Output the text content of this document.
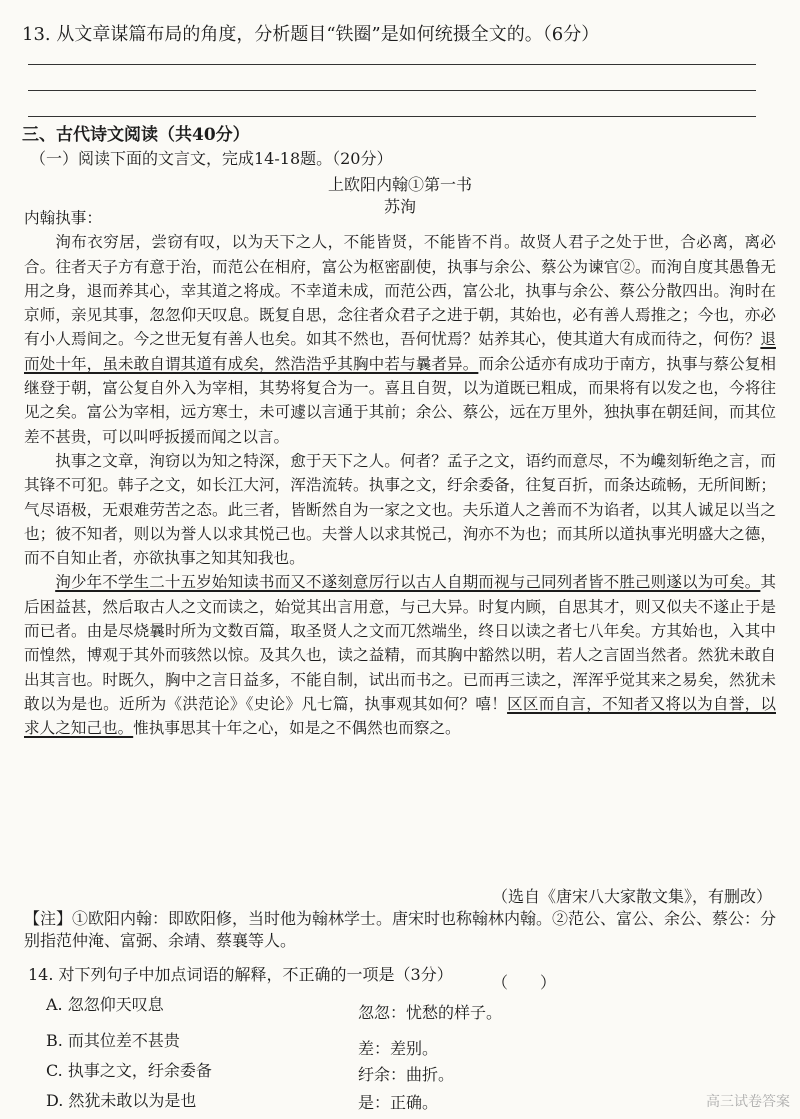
13. 从文章谋篇布局的角度，分析题目“铁圈”是如何统摄全文的。（6分）
三、古代诗文阅读（共40分）
（一）阅读下面的文言文，完成14-18题。（20分）
上欧阳内翰①第一书
苏洵

内翰执事：

洵布衣穷居，尝窃有叹，以为天下之人，不能皆贤，不能皆不肖。故贤人君子之处于世，合必离，离必合。往者天子方有意于治，而范公在相府，富公为枢密副使，执事与余公、蔡公为谏官②。而洵自度其愚鲁无用之身，退而养其心，幸其道之将成。不幸道未成，而范公西，富公北，执事与余公、蔡公分散四出。洵时在京师，亲见其事，忽忽仰天叹息。既复自思，念往者众君子之进于朝，其始也，必有善人焉推之；今也，亦必有小人焉间之。今之世无复有善人也矣。如其不然也，吾何忧焉？姑养其心，使其道大有成而待之，何伤？退而处十年，虽未敢自谓其道有成矣，然浩浩乎其胸中若与曩者异。而余公适亦有成功于南方，执事与蔡公复相继登于朝，富公复自外入为宰相，其势将复合为一。喜且自贺，以为道既已粗成，而果将有以发之也，今将往见之矣。富公为宰相，远方寒士，未可遽以言通于其前；余公、蔡公，远在万里外，独执事在朝廷间，而其位差不甚贵，可以叫呼扳援而闻之以言。

执事之文章，洵窃以为知之特深，愈于天下之人。何者？孟子之文，语约而意尽，不为巉刻斩绝之言，而其锋不可犯。韩子之文，如长江大河，浑浩流转。执事之文，纡余委备，往复百折，而条达疏畅，无所间断；气尽语极，无艰难劳苦之态。此三者，皆断然自为一家之文也。夫乐道人之善而不为谄者，以其人诚足以当之也；彼不知者，则以为誉人以求其悦己也。夫誉人以求其悦己，洵亦不为也；而其所以道执事光明盛大之德，而不自知止者，亦欲执事之知其知我也。

洵少年不学生二十五岁始知读书而又不遂刻意厉行以古人自期而视与己同列者皆不胜己则遂以为可矣。其后困益甚，然后取古人之文而读之，始觉其出言用意，与己大异。时复内顾，自思其才，则又似夫不遂止于是而已者。由是尽烧曩时所为文数百篇，取圣贤人之文而兀然端坐，终日以读之者七八年矣。方其始也，入其中而惶然，博观于其外而骇然以惊。及其久也，读之益精，而其胸中豁然以明，若人之言固当然者。然犹未敢自出其言也。时既久，胸中之言日益多，不能自制，试出而书之。已而再三读之，浑浑乎觉其来之易矣，然犹未敢以为是也。近所为《洪范论》《史论》凡七篇，执事观其如何？嘻！区区而自言，不知者又将以为自誉，以求人之知己也。惟执事思其十年之心，如是之不偶然也而察之。

（选自《唐宋八大家散文集》，有删改）
【注】①欧阳内翰：即欧阳修，当时他为翰林学士。唐宋时也称翰林内翰。②范公、富公、余公、蔡公：分别指范仲淹、富弼、余靖、蔡襄等人。
14. 对下列句子中加点词语的解释，不正确的一项是（3分） （　　）
A. 忽忽仰天叹息	忽忽：忧愁的样子。
B. 而其位差不甚贵	差：差别。
C. 执事之文，纡余委备	纡余：曲折。
D. 然犹未敢以为是也	是：正确。	高三试卷答案
